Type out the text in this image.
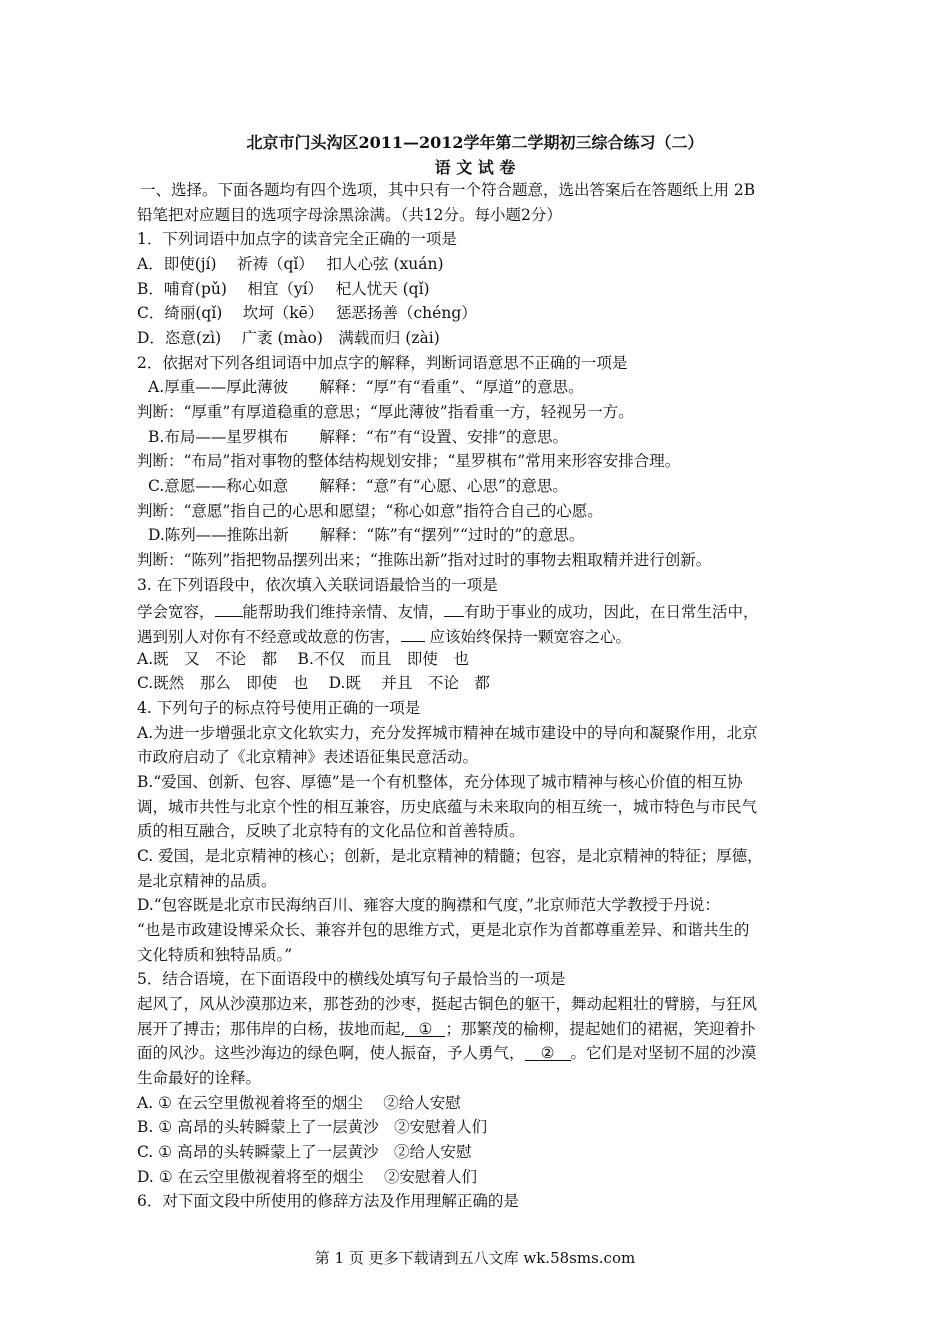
北京市门头沟区2011—2012学年第二学期初三综合练习（二）
语 文 试 卷
一、选择。下面各题均有四个选项，其中只有一个符合题意，选出答案后在答题纸上用 2B
铅笔把对应题目的选项字母涂黑涂满。（共12分。每小题2分）
1．下列词语中加点字的读音完全正确的一项是
A．即使(jí)　 祈祷（qǐ）　 扣人心弦 (xuán)
B．哺育(pǔ)　 相宜（yí）　 杞人忧天 (qǐ)
C．绮丽(qǐ)　 坎坷（kē）　 惩恶扬善（chéng）
D．恣意(zì)　 广袤 (mào)　满载而归 (zài)
2．依据对下列各组词语中加点字的解释，判断词语意思不正确的一项是
A.厚重——厚此薄彼　　解释：“厚”有“看重”、“厚道”的意思。
判断：“厚重”有厚道稳重的意思；“厚此薄彼”指看重一方，轻视另一方。
B.布局——星罗棋布　　解释：“布”有“设置、安排”的意思。
判断：“布局”指对事物的整体结构规划安排；“星罗棋布”常用来形容安排合理。
C.意愿——称心如意　　解释：“意”有“心愿、心思”的意思。
判断：“意愿”指自己的心思和愿望；“称心如意”指符合自己的心愿。
D.陈列——推陈出新　　解释：“陈”有“摆列”“过时的”的意思。
判断：“陈列”指把物品摆列出来；“推陈出新”指对过时的事物去粗取精并进行创新。
3. 在下列语段中，依次填入关联词语最恰当的一项是
学会宽容， 能帮助我们维持亲情、友情， 有助于事业的成功，因此，在日常生活中，
遇到别人对你有不经意或故意的伤害， 应该始终保持一颗宽容之心。
A.既　又　不论　都　 B.不仅　而且　即使　也
C.既然　那么　即使　也　 D.既　 并且　不论　都
4. 下列句子的标点符号使用正确的一项是
A.为进一步增强北京文化软实力，充分发挥城市精神在城市建设中的导向和凝聚作用，北京
市政府启动了《北京精神》表述语征集民意活动。
B.“爱国、创新、包容、厚德”是一个有机整体，充分体现了城市精神与核心价值的相互协
调，城市共性与北京个性的相互兼容，历史底蕴与未来取向的相互统一，城市特色与市民气
质的相互融合，反映了北京特有的文化品位和首善特质。
C. 爱国，是北京精神的核心；创新，是北京精神的精髓；包容，是北京精神的特征；厚德，
是北京精神的品质。
D.“包容既是北京市民海纳百川、雍容大度的胸襟和气度，”北京师范大学教授于丹说：
“也是市政建设博采众长、兼容并包的思维方式，更是北京作为首都尊重差异、和谐共生的
文化特质和独特品质。”
5．结合语境，在下面语段中的横线处填写句子最恰当的一项是
起风了，风从沙漠那边来，那苍劲的沙枣，挺起古铜色的躯干，舞动起粗壮的臂膀，与狂风
展开了搏击；那伟岸的白杨，拔地而起, ① ；那繁茂的榆柳，提起她们的裙裾，笑迎着扑
面的风沙。这些沙海边的绿色啊，使人振奋，予人勇气， ② 。它们是对坚韧不屈的沙漠
生命最好的诠释。
A. ① 在云空里傲视着将至的烟尘　 ②给人安慰
B. ① 高昂的头转瞬蒙上了一层黄沙　②安慰着人们
C. ① 高昂的头转瞬蒙上了一层黄沙　②给人安慰
D. ① 在云空里傲视着将至的烟尘　 ②安慰着人们
6．对下面文段中所使用的修辞方法及作用理解正确的是
第 1 页 更多下载请到五八文库 wk.58sms.com
